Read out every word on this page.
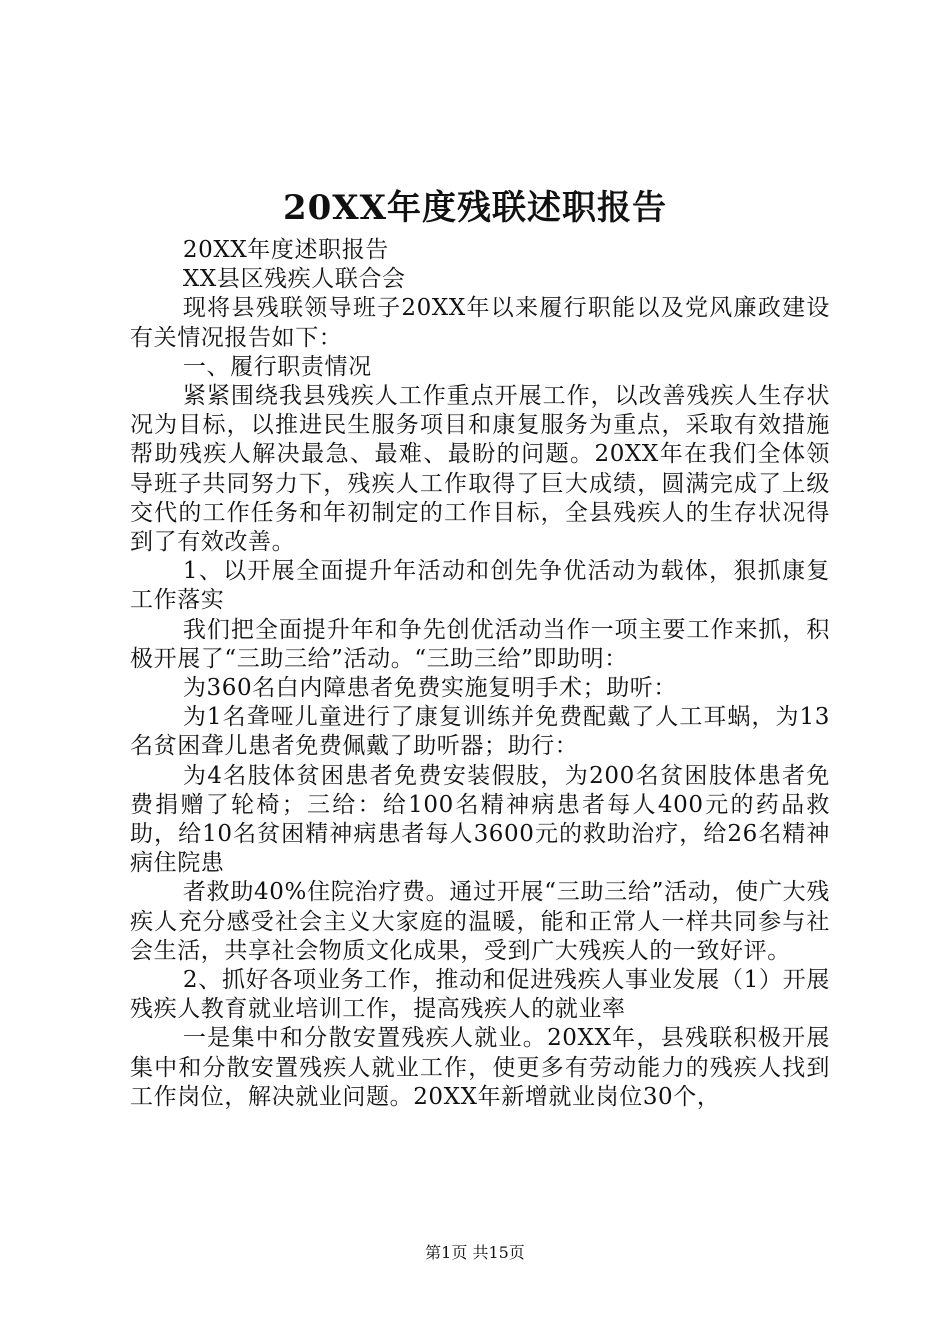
20XX年度残联述职报告

20XX年度述职报告

XX县区残疾人联合会

现将县残联领导班子20XX年以来履行职能以及党风廉政建设有关情况报告如下：

一、履行职责情况

紧紧围绕我县残疾人工作重点开展工作，以改善残疾人生存状况为目标，以推进民生服务项目和康复服务为重点，采取有效措施帮助残疾人解决最急、最难、最盼的问题。20XX年在我们全体领导班子共同努力下，残疾人工作取得了巨大成绩，圆满完成了上级交代的工作任务和年初制定的工作目标，全县残疾人的生存状况得到了有效改善。

1、以开展全面提升年活动和创先争优活动为载体，狠抓康复工作落实

我们把全面提升年和争先创优活动当作一项主要工作来抓，积极开展了“三助三给”活动。“三助三给”即助明：

为360名白内障患者免费实施复明手术；助听：

为1名聋哑儿童进行了康复训练并免费配戴了人工耳蜗，为13名贫困聋儿患者免费佩戴了助听器；助行：

为4名肢体贫困患者免费安装假肢，为200名贫困肢体患者免费捐赠了轮椅；三给：给100名精神病患者每人400元的药品救助，给10名贫困精神病患者每人3600元的救助治疗，给26名精神病住院患

者救助40%住院治疗费。通过开展“三助三给”活动，使广大残疾人充分感受社会主义大家庭的温暖，能和正常人一样共同参与社会生活，共享社会物质文化成果，受到广大残疾人的一致好评。

2、抓好各项业务工作，推动和促进残疾人事业发展（1）开展残疾人教育就业培训工作，提高残疾人的就业率

一是集中和分散安置残疾人就业。20XX年，县残联积极开展集中和分散安置残疾人就业工作，使更多有劳动能力的残疾人找到工作岗位，解决就业问题。20XX年新增就业岗位30个，

第1页 共15页
